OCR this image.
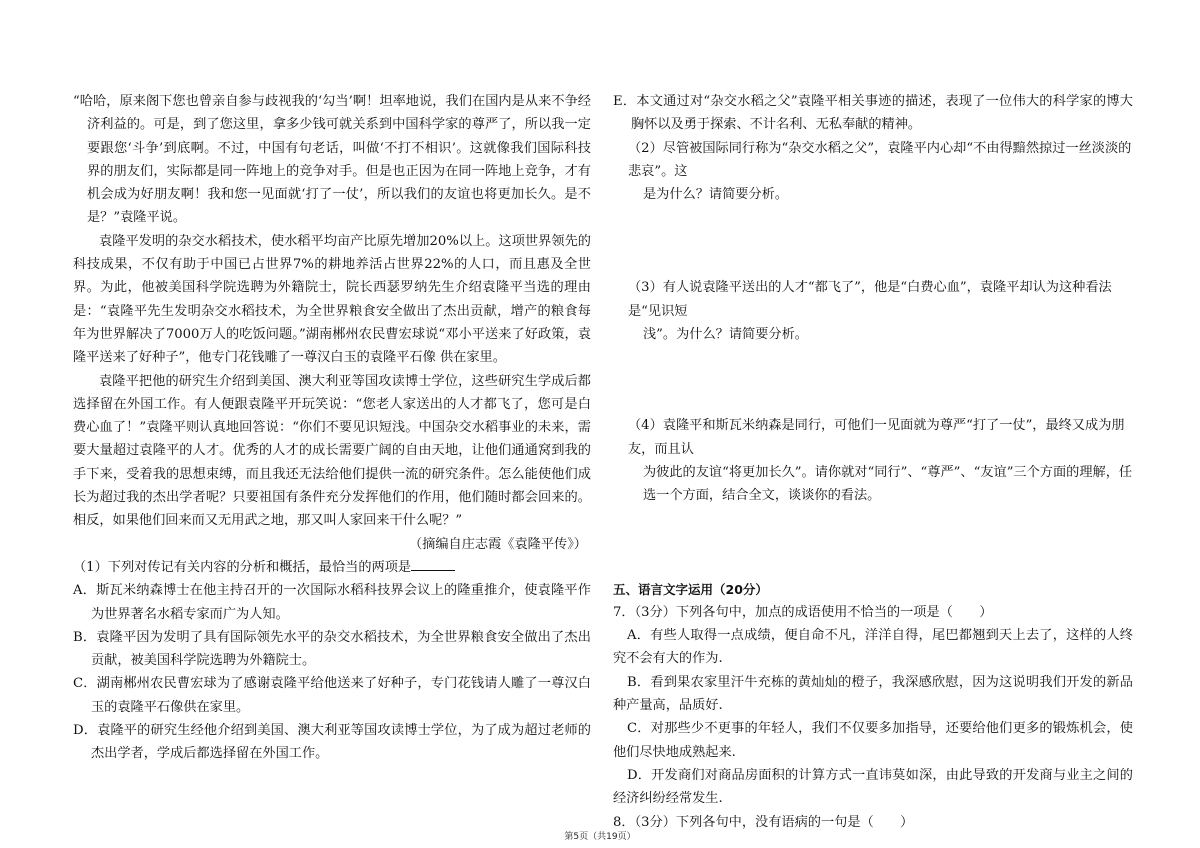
“哈哈，原来阁下您也曾亲自参与歧视我的‘勾当’啊！坦率地说，我们在国内是从来不争经济利益的。可是，到了您这里，拿多少钱可就关系到中国科学家的尊严了，所以我一定要跟您‘斗争’到底啊。不过，中国有句老话，叫做‘不打不相识’。这就像我们国际科技界的朋友们，实际都是同一阵地上的竞争对手。但是也正因为在同一阵地上竞争，才有机会成为好朋友啊！我和您一见面就‘打了一仗’，所以我们的友谊也将更加长久。是不是？”袁隆平说。

袁隆平发明的杂交水稻技术，使水稻平均亩产比原先增加20%以上。这项世界领先的科技成果，不仅有助于中国已占世界7%的耕地养活占世界22%的人口，而且惠及全世界。为此，他被美国科学院选聘为外籍院士，院长西瑟罗纳先生介绍袁隆平当选的理由是：“袁隆平先生发明杂交水稻技术，为全世界粮食安全做出了杰出贡献，增产的粮食每年为世界解决了7000万人的吃饭问题。”湖南郴州农民曹宏球说“邓小平送来了好政策，袁隆平送来了好种子”，他专门花钱雕了一尊汉白玉的袁隆平石像 供在家里。

袁隆平把他的研究生介绍到美国、澳大利亚等国攻读博士学位，这些研究生学成后都选择留在外国工作。有人便跟袁隆平开玩笑说：“您老人家送出的人才都飞了，您可是白费心血了！”袁隆平则认真地回答说：“你们不要见识短浅。中国杂交水稻事业的未来，需要大量超过袁隆平的人才。优秀的人才的成长需要广阔的自由天地，让他们通通窝到我的手下来，受着我的思想束缚，而且我还无法给他们提供一流的研究条件。怎么能使他们成长为超过我的杰出学者呢？只要祖国有条件充分发挥他们的作用，他们随时都会回来的。相反，如果他们回来而又无用武之地，那又叫人家回来干什么呢？”

（摘编自庄志霞《袁隆平传》）

（1）下列对传记有关内容的分析和概括，最恰当的两项是

A．斯瓦米纳森博士在他主持召开的一次国际水稻科技界会议上的隆重推介，使袁隆平作为世界著名水稻专家而广为人知。

B．袁隆平因为发明了具有国际领先水平的杂交水稻技术，为全世界粮食安全做出了杰出贡献，被美国科学院选聘为外籍院士。

C．湖南郴州农民曹宏球为了感谢袁隆平给他送来了好种子，专门花钱请人雕了一尊汉白玉的袁隆平石像供在家里。

D．袁隆平的研究生经他介绍到美国、澳大利亚等国攻读博士学位，为了成为超过老师的杰出学者，学成后都选择留在外国工作。

E．本文通过对“杂交水稻之父”袁隆平相关事迹的描述，表现了一位伟大的科学家的博大胸怀以及勇于探索、不计名利、无私奉献的精神。

（2）尽管被国际同行称为“杂交水稻之父”，袁隆平内心却“不由得黯然掠过一丝淡淡的悲哀”。这
是为什么？请简要分析。
（3）有人说袁隆平送出的人才“都飞了”，他是“白费心血”，袁隆平却认为这种看法是“见识短
浅”。为什么？请简要分析。
（4）袁隆平和斯瓦米纳森是同行，可他们一见面就为尊严“打了一仗”，最终又成为朋友，而且认
为彼此的友谊“将更加长久”。请你就对“同行”、“尊严”、“友谊”三个方面的理解，任选一个方面，结合全文，谈谈你的看法。

五、语言文字运用（20分）

7．（3分）下列各句中，加点的成语使用不恰当的一项是（　　）

A．有些人取得一点成绩，便自命不凡，洋洋自得，尾巴都翘到天上去了，这样的人终究不会有大的作为.

B．看到果农家里汗牛充栋的黄灿灿的橙子，我深感欣慰，因为这说明我们开发的新品种产量高，品质好.

C．对那些少不更事的年轻人，我们不仅要多加指导，还要给他们更多的锻炼机会，使他们尽快地成熟起来.

D．开发商们对商品房面积的计算方式一直讳莫如深，由此导致的开发商与业主之间的经济纠纷经常发生.

8．（3分）下列各句中，没有语病的一句是（　　）

第5页（共19页）
